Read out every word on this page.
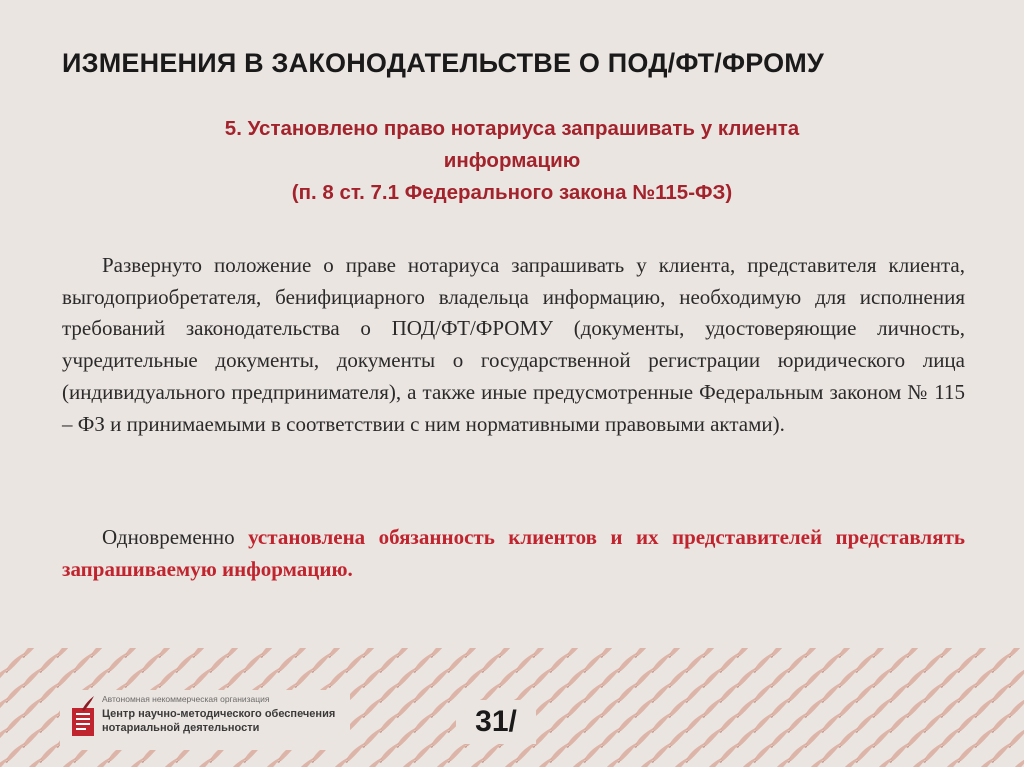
ИЗМЕНЕНИЯ В ЗАКОНОДАТЕЛЬСТВЕ О ПОД/ФТ/ФРОМУ
5. Установлено право нотариуса запрашивать у клиента
информацию
(п. 8 ст. 7.1 Федерального закона №115-ФЗ)
Развернуто положение о праве нотариуса запрашивать у клиента, представителя клиента, выгодоприобретателя, бенифициарного владельца информацию, необходимую для исполнения требований законодательства о ПОД/ФТ/ФРОМУ (документы, удостоверяющие личность, учредительные документы, документы о государственной регистрации юридического лица (индивидуального предпринимателя), а также иные предусмотренные Федеральным законом № 115 – ФЗ и принимаемыми в соответствии с ним нормативными правовыми актами).
Одновременно установлена обязанность клиентов и их представителей представлять запрашиваемую информацию.
Автономная некоммерческая организация
Центр научно-методического обеспечения
нотариальной деятельности	31/
